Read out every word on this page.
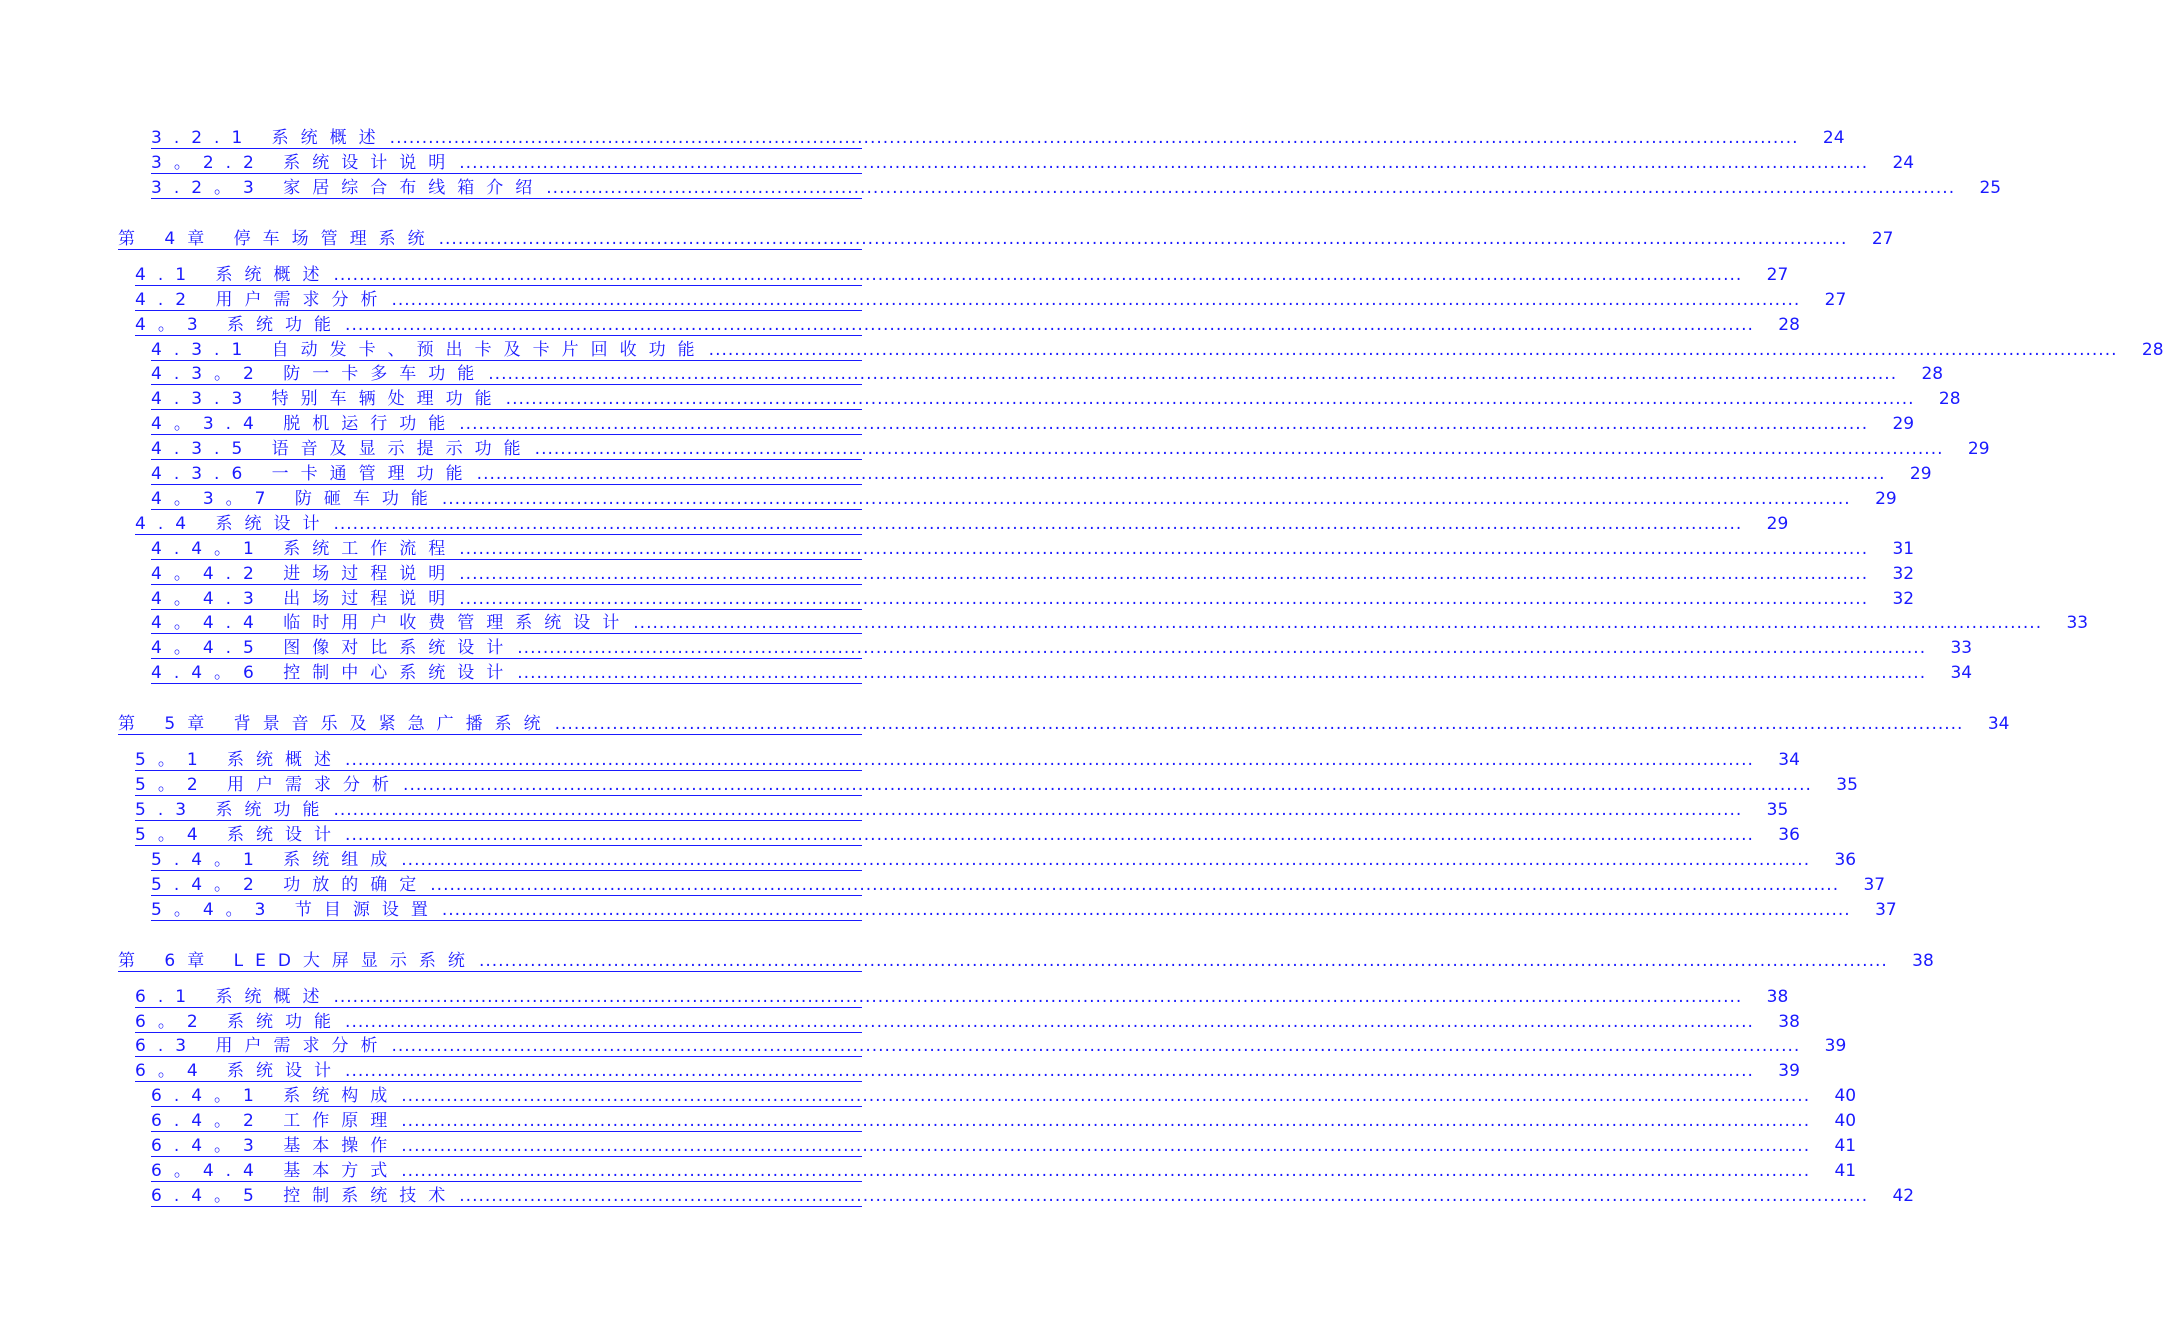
3.2.1 系统概述 ............................................................................................................................................................................................................................	24
3。2.2 系统设计说明 ............................................................................................................................................................................................................................	24
3.2。3 家居综合布线箱介绍 ............................................................................................................................................................................................................................	25
第 4章 停车场管理系统 ............................................................................................................................................................................................................................	27
4.1 系统概述 ............................................................................................................................................................................................................................	27
4.2 用户需求分析 ............................................................................................................................................................................................................................	27
4。3 系统功能 ............................................................................................................................................................................................................................	28
4.3.1 自动发卡、预出卡及卡片回收功能 ............................................................................................................................................................................................................................	28
4.3。2 防一卡多车功能 ............................................................................................................................................................................................................................	28
4.3.3 特别车辆处理功能 ............................................................................................................................................................................................................................	28
4。3.4 脱机运行功能 ............................................................................................................................................................................................................................	29
4.3.5 语音及显示提示功能 ............................................................................................................................................................................................................................	29
4.3.6 一卡通管理功能 ............................................................................................................................................................................................................................	29
4。3。7 防砸车功能 ............................................................................................................................................................................................................................	29
4.4 系统设计 ............................................................................................................................................................................................................................	29
4.4。1 系统工作流程 ............................................................................................................................................................................................................................	31
4。4.2 进场过程说明 ............................................................................................................................................................................................................................	32
4。4.3 出场过程说明 ............................................................................................................................................................................................................................	32
4。4.4 临时用户收费管理系统设计 ............................................................................................................................................................................................................................	33
4。4.5 图像对比系统设计 ............................................................................................................................................................................................................................	33
4.4。6 控制中心系统设计 ............................................................................................................................................................................................................................	34
第 5章 背景音乐及紧急广播系统 ............................................................................................................................................................................................................................	34
5。1 系统概述 ............................................................................................................................................................................................................................	34
5。2 用户需求分析 ............................................................................................................................................................................................................................	35
5.3 系统功能 ............................................................................................................................................................................................................................	35
5。4 系统设计 ............................................................................................................................................................................................................................	36
5.4。1 系统组成 ............................................................................................................................................................................................................................	36
5.4。2 功放的确定 ............................................................................................................................................................................................................................	37
5。4。3 节目源设置 ............................................................................................................................................................................................................................	37
第 6章 LED大屏显示系统 ............................................................................................................................................................................................................................	38
6.1 系统概述 ............................................................................................................................................................................................................................	38
6。2 系统功能 ............................................................................................................................................................................................................................	38
6.3 用户需求分析 ............................................................................................................................................................................................................................	39
6。4 系统设计 ............................................................................................................................................................................................................................	39
6.4。1 系统构成 ............................................................................................................................................................................................................................	40
6.4。2 工作原理 ............................................................................................................................................................................................................................	40
6.4。3 基本操作 ............................................................................................................................................................................................................................	41
6。4.4 基本方式 ............................................................................................................................................................................................................................	41
6.4。5 控制系统技术 ............................................................................................................................................................................................................................	42
